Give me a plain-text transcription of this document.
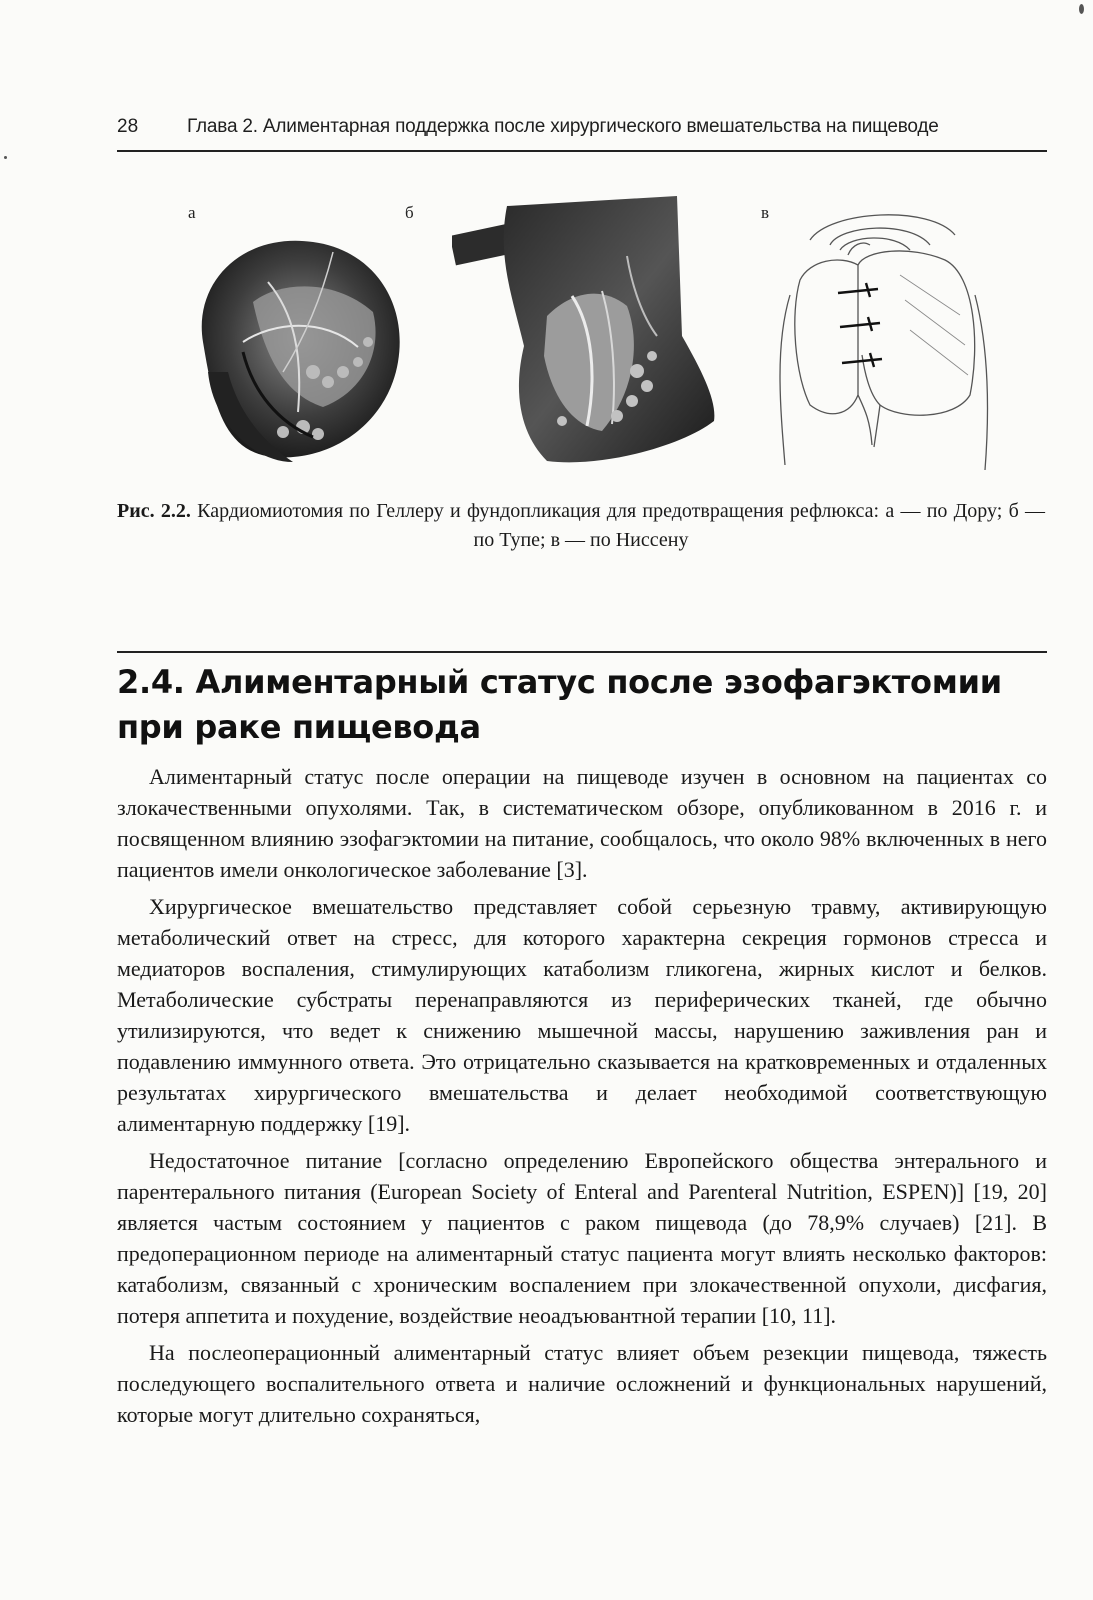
28	Глава 2. Алиментарная поддержка после хирургического вмешательства на пищеводе
а	б	в
Рис. 2.2. Кардиомиотомия по Геллеру и фундопликация для предотвращения рефлюкса: а — по Дору; б — по Тупе; в — по Ниссену
2.4. Алиментарный статус после эзофагэктомии при раке пищевода

Алиментарный статус после операции на пищеводе изучен в основном на пациентах со злокачественными опухолями. Так, в систематическом обзоре, опубликованном в 2016 г. и посвященном влиянию эзофагэктомии на питание, сообщалось, что около 98% включенных в него пациентов имели онкологическое заболевание [3].

Хирургическое вмешательство представляет собой серьезную травму, активирующую метаболический ответ на стресс, для которого характерна секреция гормонов стресса и медиаторов воспаления, стимулирующих катаболизм гликогена, жирных кислот и белков. Метаболические субстраты перенаправляются из периферических тканей, где обычно утилизируются, что ведет к снижению мышечной массы, нарушению заживления ран и подавлению иммунного ответа. Это отрицательно сказывается на кратковременных и отдаленных результатах хирургического вмешательства и делает необходимой соответствующую алиментарную поддержку [19].

Недостаточное питание [согласно определению Европейского общества энтерального и парентерального питания (European Society of Enteral and Parenteral Nutrition, ESPEN)] [19, 20] является частым состоянием у пациентов с раком пищевода (до 78,9% случаев) [21]. В предоперационном периоде на алиментарный статус пациента могут влиять несколько факторов: катаболизм, связанный с хроническим воспалением при злокачественной опухоли, дисфагия, потеря аппетита и похудение, воздействие неоадъювантной терапии [10, 11].

На послеоперационный алиментарный статус влияет объем резекции пищевода, тяжесть последующего воспалительного ответа и наличие осложнений и функциональных нарушений, которые могут длительно сохраняться,
